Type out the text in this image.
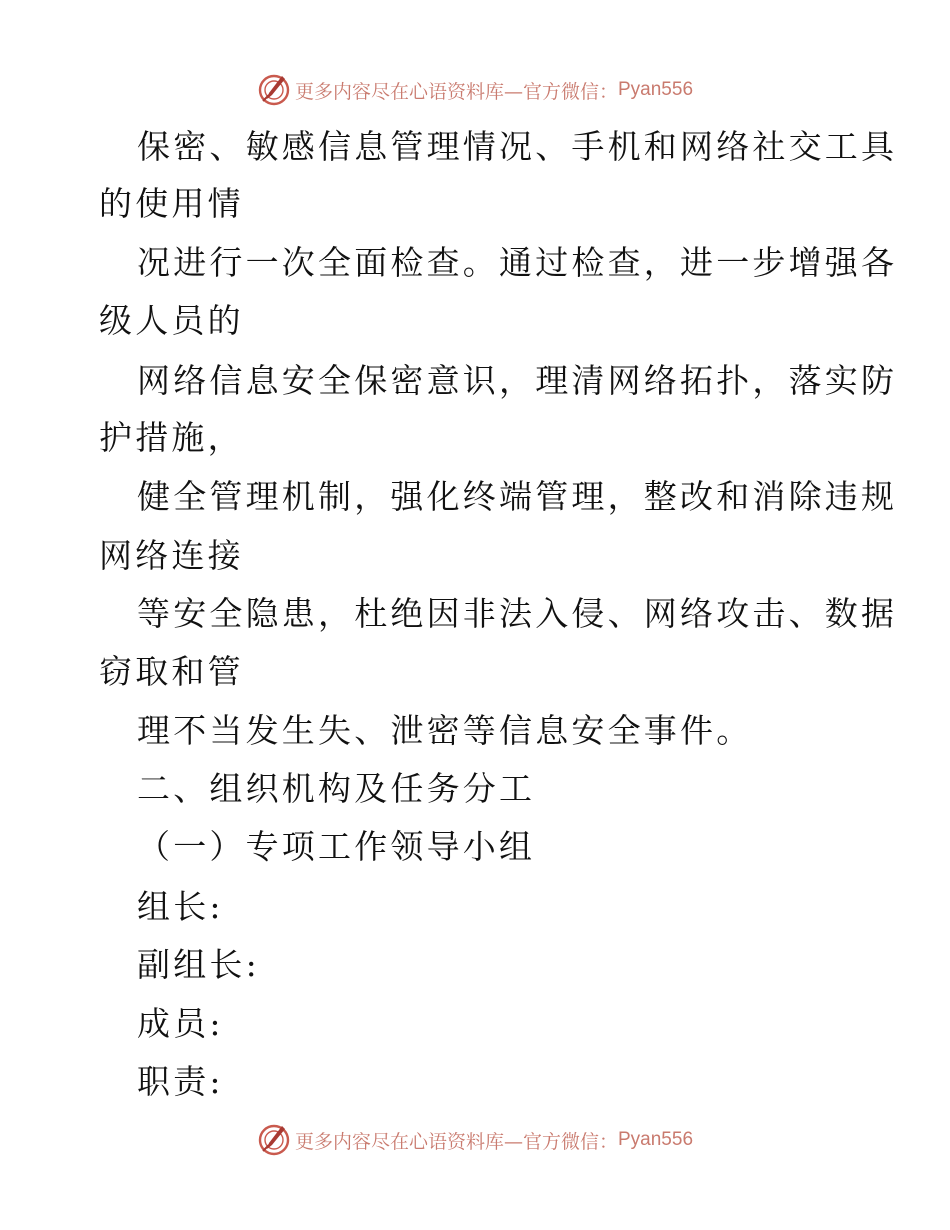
更多内容尽在心语资料库—官方微信： Pyan556
保密、敏感信息管理情况、手机和网络社交工具
的使用情
况进行一次全面检查。通过检查，进一步增强各
级人员的
网络信息安全保密意识，理清网络拓扑，落实防
护措施，
健全管理机制，强化终端管理，整改和消除违规
网络连接
等安全隐患，杜绝因非法入侵、网络攻击、数据
窃取和管
理不当发生失、泄密等信息安全事件。
二、组织机构及任务分工
（一）专项工作领导小组
组长:
副组长:
成员:
职责:
更多内容尽在心语资料库—官方微信： Pyan556
